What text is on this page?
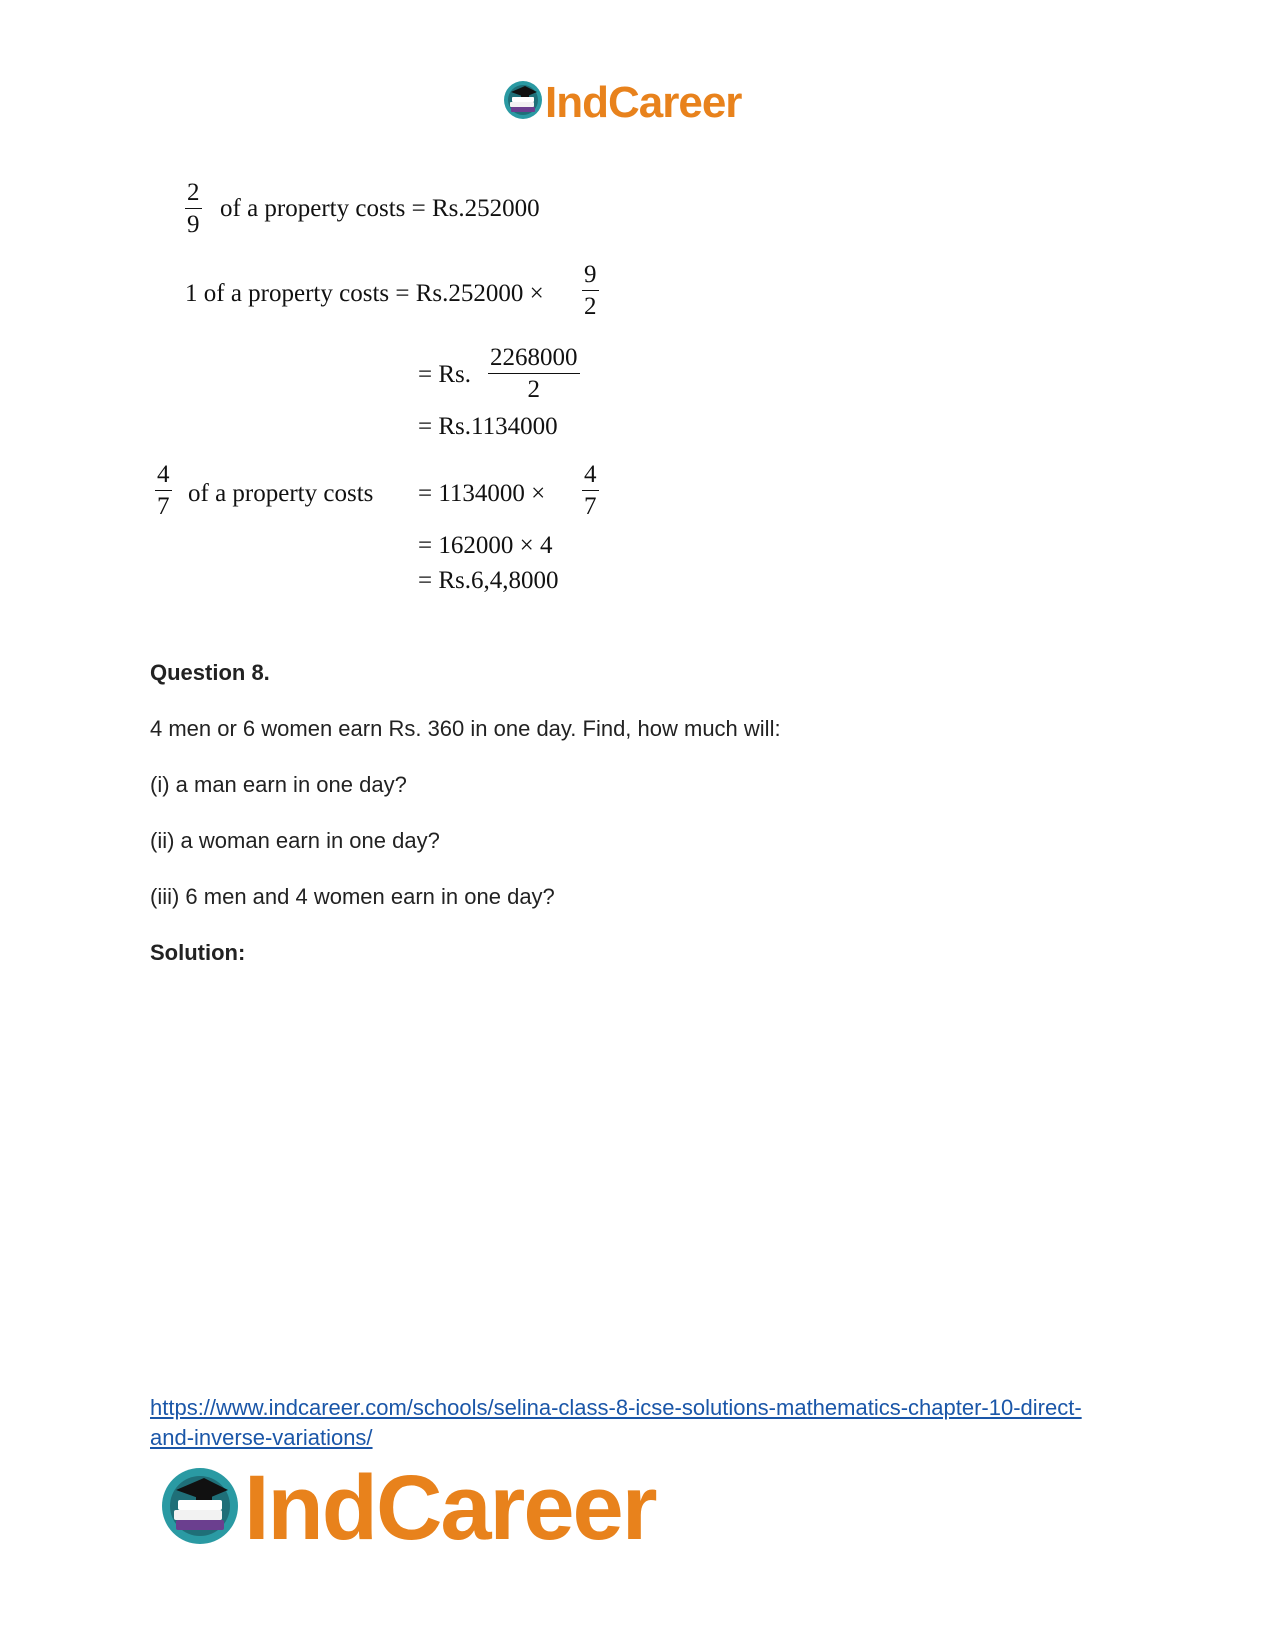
IndCareer
$\frac{2}{9}$ of a property costs = Rs.252000
1 of a property costs = $Rs.252000 \times \frac{9}{2}$
= Rs. $\frac{2268000}{2}$
= Rs.1134000
$\frac{4}{7}$ of a property costs = $1134000 \times \frac{4}{7}$
= 162000 × 4
= Rs.6,4,8000
Question 8.
4 men or 6 women earn Rs. 360 in one day. Find, how much will:
(i) a man earn in one day?
(ii) a woman earn in one day?
(iii) 6 men and 4 women earn in one day?
Solution:
https://www.indcareer.com/schools/selina-class-8-icse-solutions-mathematics-chapter-10-direct-
and-inverse-variations/
IndCareer
